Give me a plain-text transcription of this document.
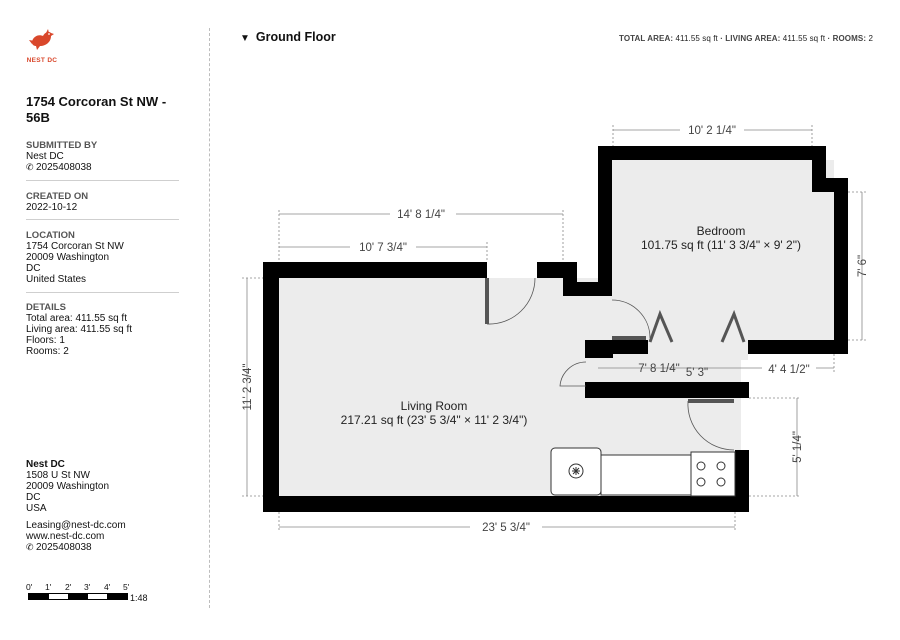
NEST DC
1754 Corcoran St NW - 56B
SUBMITTED BY
Nest DC
✆ 2025408038
CREATED ON
2022-10-12
LOCATION
1754 Corcoran St NW
20009 Washington
DC
United States
DETAILS
Total area: 411.55 sq ft
Living area: 411.55 sq ft
Floors: 1
Rooms: 2
Nest DC
1508 U St NW
20009 Washington
DC
USA
Leasing@nest-dc.com
www.nest-dc.com
✆ 2025408038
0' 1' 2' 3' 4' 5'
1:48
▼ Ground Floor	TOTAL AREA: 411.55 sq ft · LIVING AREA: 411.55 sq ft · ROOMS: 2
Bedroom
101.75 sq ft (11' 3 3/4" × 9' 2")
Living Room
217.21 sq ft (23' 5 3/4" × 11' 2 3/4")
10' 2 1/4"
14' 8 1/4"
10' 7 3/4"
7' 6"
11' 2 3/4"
23' 5 3/4"
5' 1/4"
7' 8 1/4" 5' 3"	4' 4 1/2"
